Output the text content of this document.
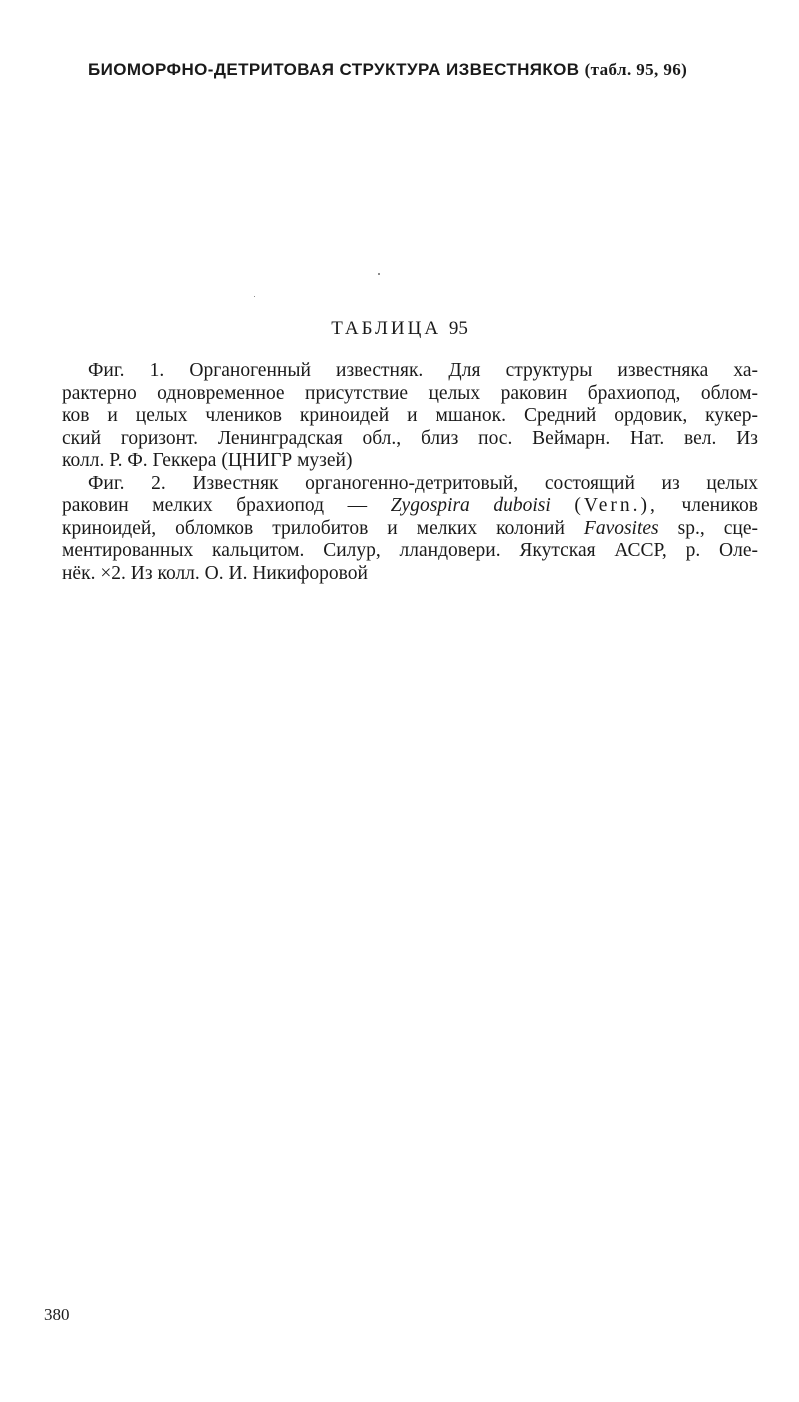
БИОМОРФНО-ДЕТРИТОВАЯ СТРУКТУРА ИЗВЕСТНЯКОВ (табл. 95, 96)
ТАБЛИЦА 95
Фиг. 1. Органогенный известняк. Для структуры известняка ха-
рактерно одновременное присутствие целых раковин брахиопод, облом-
ков и целых члеников криноидей и мшанок. Средний ордовик, кукер-
ский горизонт. Ленинградская обл., близ пос. Веймарн. Нат. вел. Из
колл. Р. Ф. Геккера (ЦНИГР музей)
Фиг. 2. Известняк органогенно-детритовый, состоящий из целых
раковин мелких брахиопод — Zygospira duboisi (Vern.), члеников
криноидей, обломков трилобитов и мелких колоний Favosites sp., сце-
ментированных кальцитом. Силур, лландовери. Якутская АССР, р. Оле-
нёк. ×2. Из колл. О. И. Никифоровой
380
